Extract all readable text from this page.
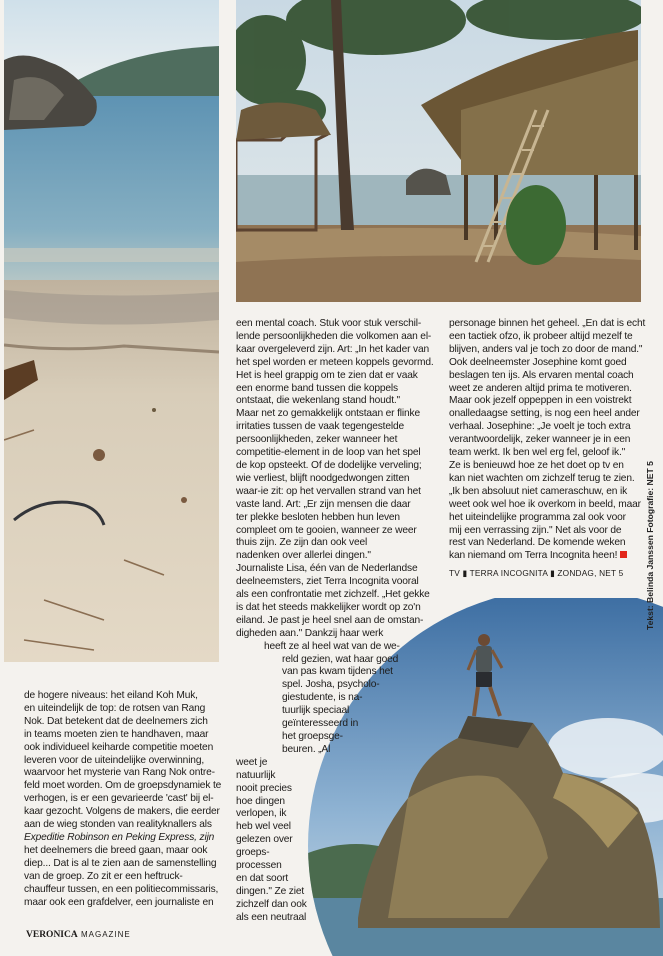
de hogere niveaus: het eiland Koh Muk,
en uiteindelijk de top: de rotsen van Rang
Nok. Dat betekent dat de deelnemers zich
in teams moeten zien te handhaven, maar
ook individueel keiharde competitie moeten
leveren voor de uiteindelijke overwinning,
waarvoor het mysterie van Rang Nok ontre-
feld moet worden. Om de groepsdynamiek te
verhogen, is er een gevarieerde 'cast' bij el-
kaar gezocht. Volgens de makers, die eerder
aan de wieg stonden van realityknallers als
Expeditie Robinson en Peking Express, zijn
het deelnemers die breed gaan, maar ook
diep... Dat is al te zien aan de samenstelling
van de groep. Zo zit er een heftruck-
chauffeur tussen, en een politiecommissaris,
maar ook een grafdelver, een journaliste en

een mental coach. Stuk voor stuk verschil-
lende persoonlijkheden die volkomen aan el-
kaar overgeleverd zijn. Art: „In het kader van
het spel worden er meteen koppels gevormd.
Het is heel grappig om te zien dat er vaak
een enorme band tussen die koppels
ontstaat, die wekenlang stand houdt."
Maar net zo gemakkelijk ontstaan er flinke
irritaties tussen de vaak tegengestelde
persoonlijkheden, zeker wanneer het
competitie-element in de loop van het spel
de kop opsteekt. Of de dodelijke verveling;
wie verliest, blijft noodgedwongen zitten
waar-ie zit: op het vervallen strand van het
vaste land. Art: „Er zijn mensen die daar
ter plekke besloten hebben hun leven
compleet om te gooien, wanneer ze weer
thuis zijn. Ze zijn dan ook veel
nadenken over allerlei dingen."
Journaliste Lisa, één van de Nederlandse
deelneemsters, ziet Terra Incognita vooral
als een confrontatie met zichzelf. „Het gekke
is dat het steeds makkelijker wordt op zo'n
eiland. Je past je heel snel aan de omstan-
digheden aan." Dankzij haar werk
heeft ze al heel wat van de we-
reld gezien, wat haar goed
van pas kwam tijdens het
spel. Josha, psycholo-
giestudente, is na-
tuurlijk speciaal
geïnteresseerd in
het groepsge-
beuren. „Al
weet je
natuurlijk
nooit precies
hoe dingen
verlopen, ik
heb wel veel
gelezen over
groeps-
processen
en dat soort
dingen." Ze ziet
zichzelf dan ook
als een neutraal

personage binnen het geheel. „En dat is echt
een tactiek ofzo, ik probeer altijd mezelf te
blijven, anders val je toch zo door de mand."
Ook deelneemster Josephine komt goed
beslagen ten ijs. Als ervaren mental coach
weet ze anderen altijd prima te motiveren.
Maar ook jezelf oppeppen in een voistrekt
onalledaagse setting, is nog een heel ander
verhaal. Josephine: „Je voelt je toch extra
verantwoordelijk, zeker wanneer je in een
team werkt. Ik ben wel erg fel, geloof ik."
Ze is benieuwd hoe ze het doet op tv en
kan niet wachten om zichzelf terug te zien.
„Ik ben absoluut niet cameraschuw, en ik
weet ook wel hoe ik overkom in beeld, maar
het uiteindelijke programma zal ook voor
mij een verrassing zijn." Net als voor de
rest van Nederland. De komende weken
kan niemand om Terra Incognita heen!

TV ▮ TERRA INCOGNITA ▮ ZONDAG, NET 5	Tekst: Belinda Janssen Fotografie: NET 5
VERONICA MAGAZINE
